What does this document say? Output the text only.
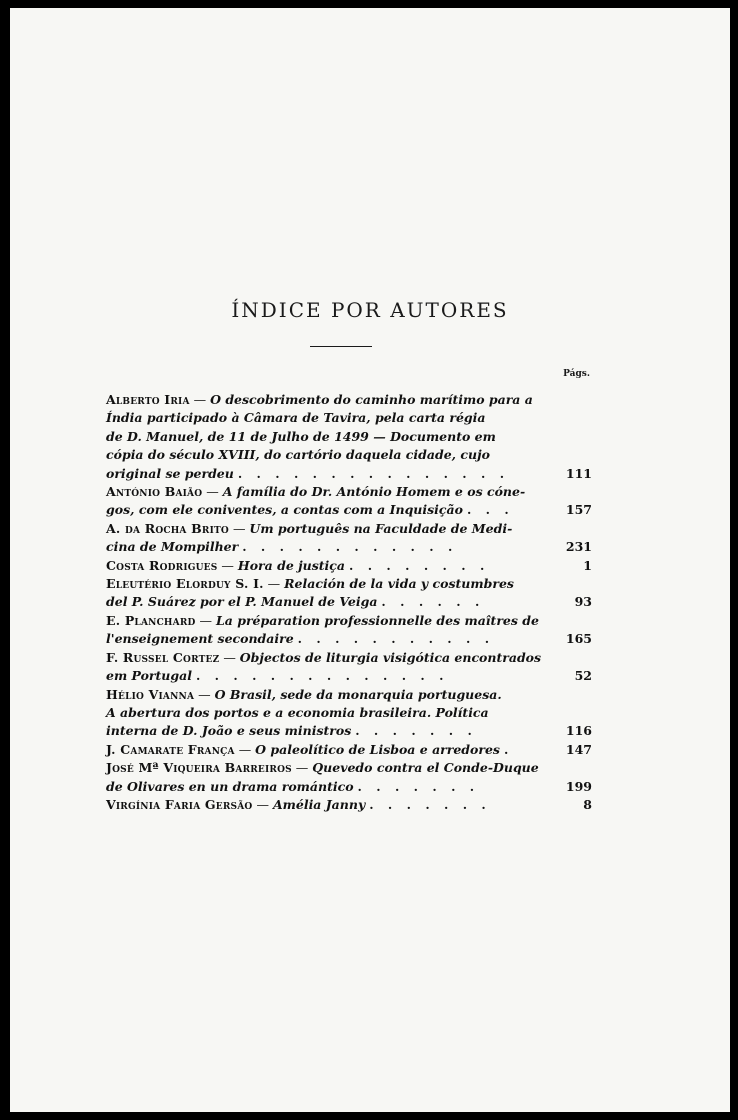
ÍNDICE POR AUTORES
Págs.
Alberto Iria — O descobrimento do caminho marítimo para a
Índia participado à Câmara de Tavira, pela carta régia
de D. Manuel, de 11 de Julho de 1499 — Documento em
cópia do século XVIII, do cartório daquela cidade, cujo
original se perdeu . . . . . . . . . . . . . . .	111
António Baião — A família do Dr. António Homem e os cóne-
gos, com ele coniventes, a contas com a Inquisição . . .	157
A. da Rocha Brito — Um português na Faculdade de Medi-
cina de Mompilher . . . . . . . . . . . .	231
Costa Rodrigues — Hora de justiça . . . . . . . .	1
Eleutério Elorduy S. I. — Relación de la vida y costumbres
del P. Suárez por el P. Manuel de Veiga . . . . . .	93
E. Planchard — La préparation professionnelle des maîtres de
l'enseignement secondaire . . . . . . . . . . .	165
F. Russel Cortez — Objectos de liturgia visigótica encontrados
em Portugal . . . . . . . . . . . . . .	52
Hélio Vianna — O Brasil, sede da monarquia portuguesa.
A abertura dos portos e a economia brasileira. Política
interna de D. João e seus ministros . . . . . . .	116
J. Camarate França — O paleolítico de Lisboa e arredores .	147
José Mª Viqueira Barreiros — Quevedo contra el Conde-Duque
de Olivares en un drama romántico . . . . . . .	199
Virgínia Faria Gersão — Amélia Janny . . . . . . .	8
